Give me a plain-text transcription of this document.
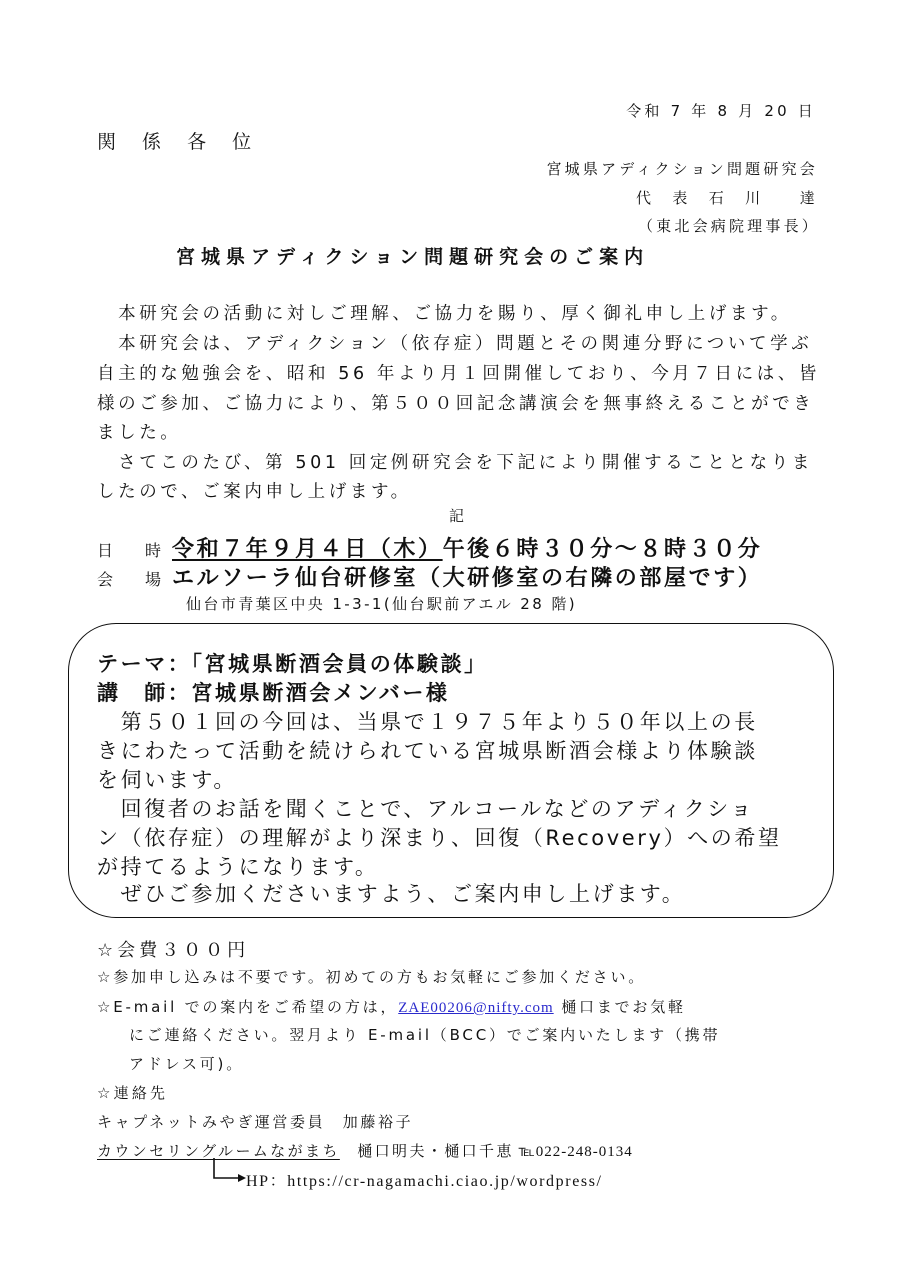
令和 7 年 8 月 20 日
関 係 各 位
宮城県アディクション問題研究会
代　表　石　川　　達
（東北会病院理事長）
宮城県アディクション問題研究会のご案内
　本研究会の活動に対しご理解、ご協力を賜り、厚く御礼申し上げます。
　本研究会は、アディクション（依存症）問題とその関連分野について学ぶ
自主的な勉強会を、昭和 56 年より月１回開催しており、今月７日には、皆
様のご参加、ご協力により、第５００回記念講演会を無事終えることができ
ました。
　さてこのたび、第 501 回定例研究会を下記により開催することとなりま
したので、ご案内申し上げます。
記
日　時 令和７年９月４日（木）午後６時３０分～８時３０分
会　場 エルソーラ仙台研修室（大研修室の右隣の部屋です）
仙台市青葉区中央 1-3-1(仙台駅前アエル 28 階)
テーマ：「宮城県断酒会員の体験談」
講　師：宮城県断酒会メンバー様
　第５０１回の今回は、当県で１９７５年より５０年以上の長
きにわたって活動を続けられている宮城県断酒会様より体験談
を伺います。
　回復者のお話を聞くことで、アルコールなどのアディクショ
ン（依存症）の理解がより深まり、回復（Recovery）への希望
が持てるようになります。
　ぜひご参加くださいますよう、ご案内申し上げます。
☆会費３００円
☆参加申し込みは不要です。初めての方もお気軽にご参加ください。
☆E-mail での案内をご希望の方は，ZAE00206@nifty.com 樋口までお気軽
にご連絡ください。翌月より E-mail（BCC）でご案内いたします（携帯
アドレス可)。
☆連絡先
キャプネットみやぎ運営委員　加藤裕子
カウンセリングルームながまち　樋口明夫・樋口千恵 ℡022-248-0134
HP：https://cr-nagamachi.ciao.jp/wordpress/
